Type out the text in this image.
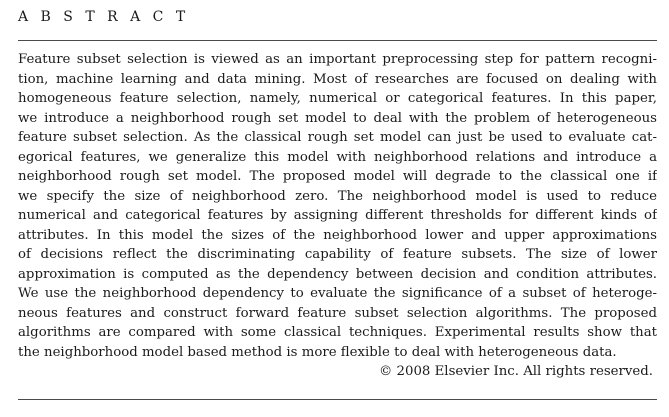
A B S T R A C T
Feature subset selection is viewed as an important preprocessing step for pattern recogni-
tion, machine learning and data mining. Most of researches are focused on dealing with
homogeneous feature selection, namely, numerical or categorical features. In this paper,
we introduce a neighborhood rough set model to deal with the problem of heterogeneous
feature subset selection. As the classical rough set model can just be used to evaluate cat-
egorical features, we generalize this model with neighborhood relations and introduce a
neighborhood rough set model. The proposed model will degrade to the classical one if
we specify the size of neighborhood zero. The neighborhood model is used to reduce
numerical and categorical features by assigning different thresholds for different kinds of
attributes. In this model the sizes of the neighborhood lower and upper approximations
of decisions reflect the discriminating capability of feature subsets. The size of lower
approximation is computed as the dependency between decision and condition attributes.
We use the neighborhood dependency to evaluate the significance of a subset of heteroge-
neous features and construct forward feature subset selection algorithms. The proposed
algorithms are compared with some classical techniques. Experimental results show that
the neighborhood model based method is more flexible to deal with heterogeneous data.
© 2008 Elsevier Inc. All rights reserved.
